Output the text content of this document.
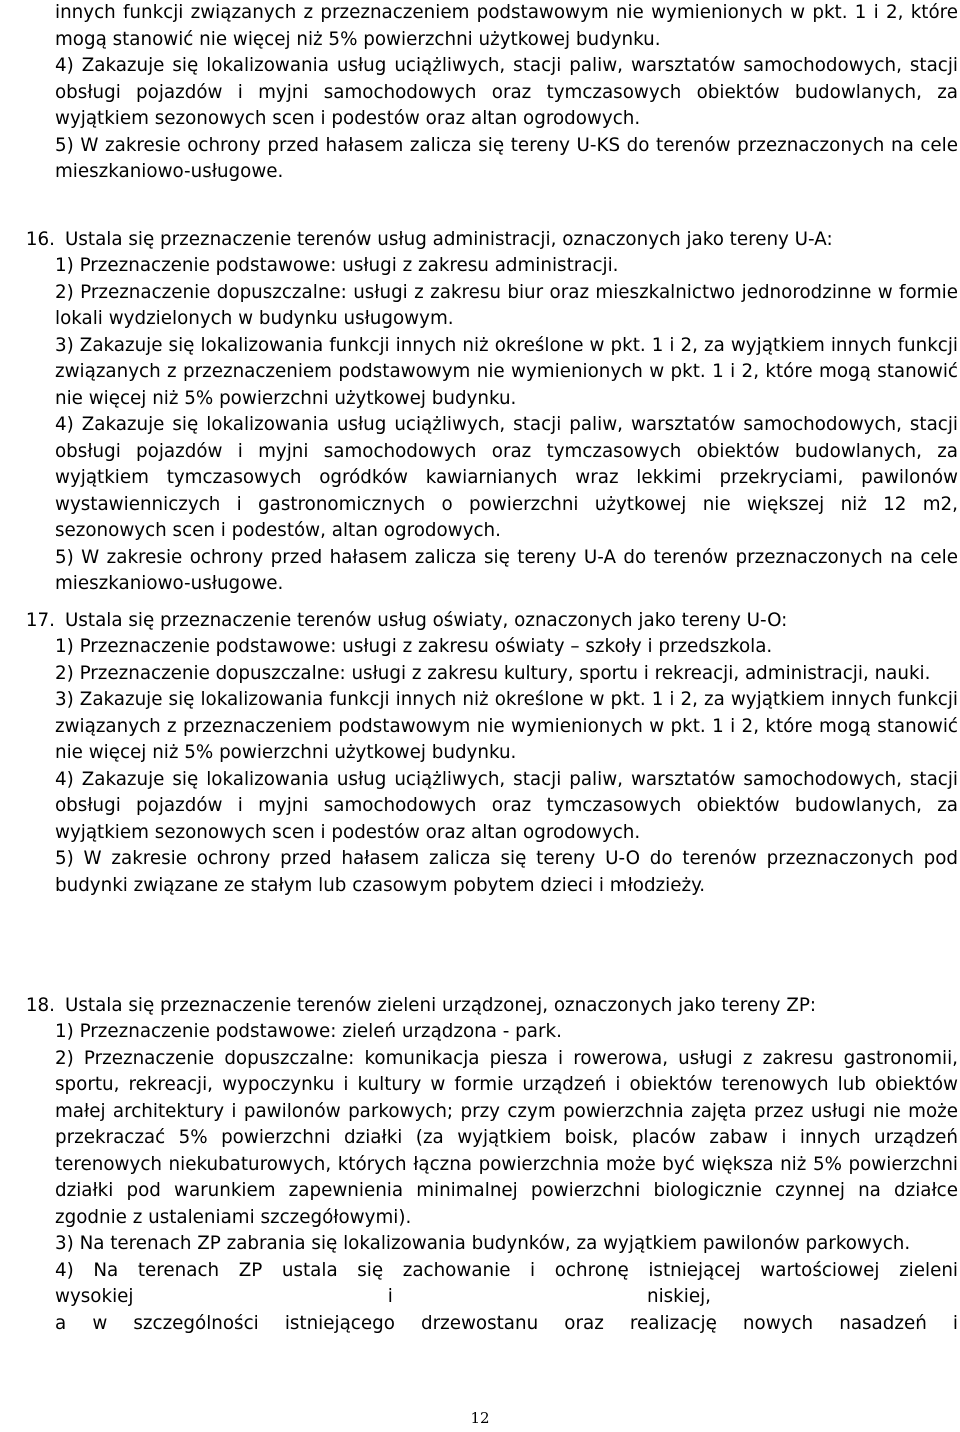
innych funkcji związanych z przeznaczeniem podstawowym nie wymienionych w pkt. 1 i 2, które mogą stanowić nie więcej niż 5% powierzchni użytkowej budynku.

4) Zakazuje się lokalizowania usług uciążliwych, stacji paliw, warsztatów samochodowych, stacji obsługi pojazdów i myjni samochodowych oraz tymczasowych obiektów budowlanych, za wyjątkiem sezonowych scen i podestów oraz altan ogrodowych.

5) W zakresie ochrony przed hałasem zalicza się tereny U-KS do terenów przeznaczonych na cele mieszkaniowo-usługowe.

16. Ustala się przeznaczenie terenów usług administracji, oznaczonych jako tereny U-A:

1) Przeznaczenie podstawowe: usługi z zakresu administracji.

2) Przeznaczenie dopuszczalne: usługi z zakresu biur oraz mieszkalnictwo jednorodzinne w formie lokali wydzielonych w budynku usługowym.

3) Zakazuje się lokalizowania funkcji innych niż określone w pkt. 1 i 2, za wyjątkiem innych funkcji związanych z przeznaczeniem podstawowym nie wymienionych w pkt. 1 i 2, które mogą stanowić nie więcej niż 5% powierzchni użytkowej budynku.

4) Zakazuje się lokalizowania usług uciążliwych, stacji paliw, warsztatów samochodowych, stacji obsługi pojazdów i myjni samochodowych oraz tymczasowych obiektów budowlanych, za wyjątkiem tymczasowych ogródków kawiarnianych wraz lekkimi przekryciami, pawilonów wystawienniczych i gastronomicznych o powierzchni użytkowej nie większej niż 12 m2, sezonowych scen i podestów, altan ogrodowych.

5) W zakresie ochrony przed hałasem zalicza się tereny U-A do terenów przeznaczonych na cele mieszkaniowo-usługowe.

17. Ustala się przeznaczenie terenów usług oświaty, oznaczonych jako tereny U-O:

1) Przeznaczenie podstawowe: usługi z zakresu oświaty – szkoły i przedszkola.

2) Przeznaczenie dopuszczalne: usługi z zakresu kultury, sportu i rekreacji, administracji, nauki.

3) Zakazuje się lokalizowania funkcji innych niż określone w pkt. 1 i 2, za wyjątkiem innych funkcji związanych z przeznaczeniem podstawowym nie wymienionych w pkt. 1 i 2, które mogą stanowić nie więcej niż 5% powierzchni użytkowej budynku.

4) Zakazuje się lokalizowania usług uciążliwych, stacji paliw, warsztatów samochodowych, stacji obsługi pojazdów i myjni samochodowych oraz tymczasowych obiektów budowlanych, za wyjątkiem sezonowych scen i podestów oraz altan ogrodowych.

5) W zakresie ochrony przed hałasem zalicza się tereny U-O do terenów przeznaczonych pod budynki związane ze stałym lub czasowym pobytem dzieci i młodzieży.

18. Ustala się przeznaczenie terenów zieleni urządzonej, oznaczonych jako tereny ZP:

1) Przeznaczenie podstawowe: zieleń urządzona - park.

2) Przeznaczenie dopuszczalne: komunikacja piesza i rowerowa, usługi z zakresu gastronomii, sportu, rekreacji, wypoczynku i kultury w formie urządzeń i obiektów terenowych lub obiektów małej architektury i pawilonów parkowych; przy czym powierzchnia zajęta przez usługi nie może przekraczać 5% powierzchni działki (za wyjątkiem boisk, placów zabaw i innych urządzeń terenowych niekubaturowych, których łączna powierzchnia może być większa niż 5% powierzchni działki pod warunkiem zapewnienia minimalnej powierzchni biologicznie czynnej na działce zgodnie z ustaleniami szczegółowymi).

3) Na terenach ZP zabrania się lokalizowania budynków, za wyjątkiem pawilonów parkowych.

4) Na terenach ZP ustala się zachowanie i ochronę istniejącej wartościowej zieleni

wysokiej	i	niskiej,

a w szczególności istniejącego drzewostanu oraz realizację nowych nasadzeń i

12
